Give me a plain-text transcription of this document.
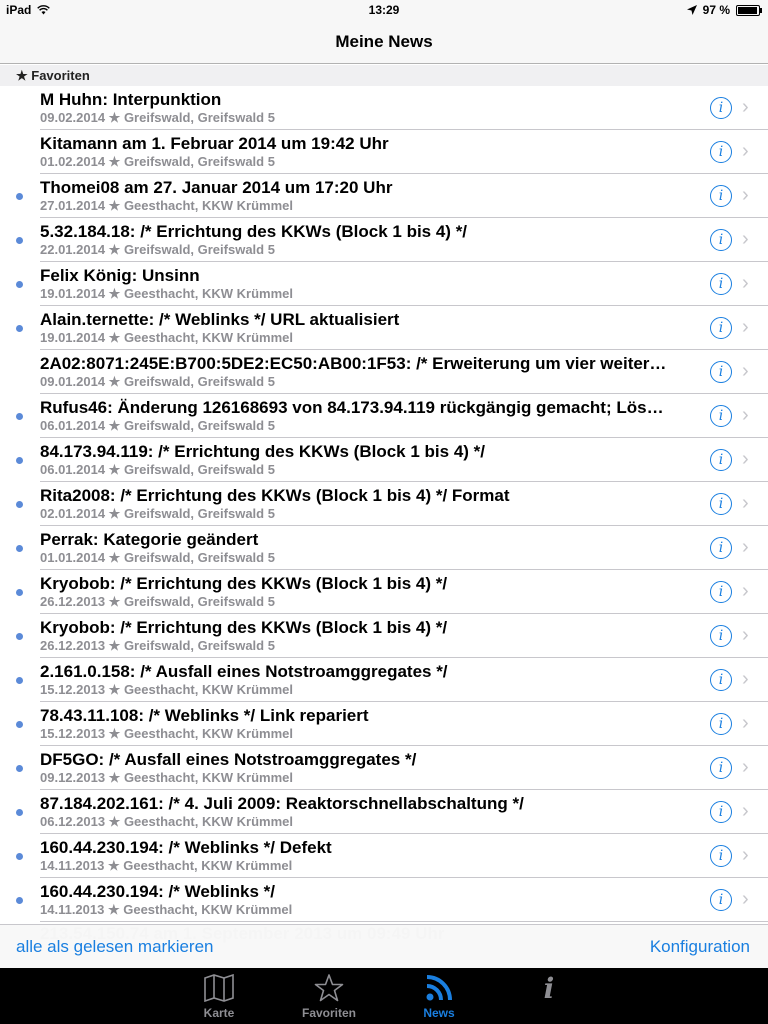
iPad	13:29	97 %
Meine News
★ Favoriten
M Huhn: Interpunktion
09.02.2014 ★ Greifswald, Greifswald 5
i ›
Kitamann am 1. Februar 2014 um 19:42 Uhr
01.02.2014 ★ Greifswald, Greifswald 5
i ›
Thomei08 am 27. Januar 2014 um 17:20 Uhr
27.01.2014 ★ Geesthacht, KKW Krümmel
i ›
5.32.184.18: /* Errichtung des KKWs (Block 1 bis 4) */
22.01.2014 ★ Greifswald, Greifswald 5
i ›
Felix König: Unsinn
19.01.2014 ★ Geesthacht, KKW Krümmel
i ›
Alain.ternette: /* Weblinks */ URL aktualisiert
19.01.2014 ★ Geesthacht, KKW Krümmel
i ›
2A02:8071:245E:B700:5DE2:EC50:AB00:1F53: /* Erweiterung um vier weiter…
09.01.2014 ★ Greifswald, Greifswald 5
i ›
Rufus46: Änderung 126168693 von 84.173.94.119 rückgängig gemacht; Lös…
06.01.2014 ★ Greifswald, Greifswald 5
i ›
84.173.94.119: /* Errichtung des KKWs (Block 1 bis 4) */
06.01.2014 ★ Greifswald, Greifswald 5
i ›
Rita2008: /* Errichtung des KKWs (Block 1 bis 4) */ Format
02.01.2014 ★ Greifswald, Greifswald 5
i ›
Perrak: Kategorie geändert
01.01.2014 ★ Greifswald, Greifswald 5
i ›
Kryobob: /* Errichtung des KKWs (Block 1 bis 4) */
26.12.2013 ★ Greifswald, Greifswald 5
i ›
Kryobob: /* Errichtung des KKWs (Block 1 bis 4) */
26.12.2013 ★ Greifswald, Greifswald 5
i ›
2.161.0.158: /* Ausfall eines Notstroamggregates */
15.12.2013 ★ Geesthacht, KKW Krümmel
i ›
78.43.11.108: /* Weblinks */ Link repariert
15.12.2013 ★ Geesthacht, KKW Krümmel
i ›
DF5GO: /* Ausfall eines Notstroamggregates */
09.12.2013 ★ Geesthacht, KKW Krümmel
i ›
87.184.202.161: /* 4. Juli 2009: Reaktorschnellabschaltung */
06.12.2013 ★ Geesthacht, KKW Krümmel
i ›
160.44.230.194: /* Weblinks */ Defekt
14.11.2013 ★ Geesthacht, KKW Krümmel
i ›
160.44.230.194: /* Weblinks */
14.11.2013 ★ Geesthacht, KKW Krümmel
i ›
alle als gelesen markieren	Konfiguration
Karte	Favoriten	News
i
